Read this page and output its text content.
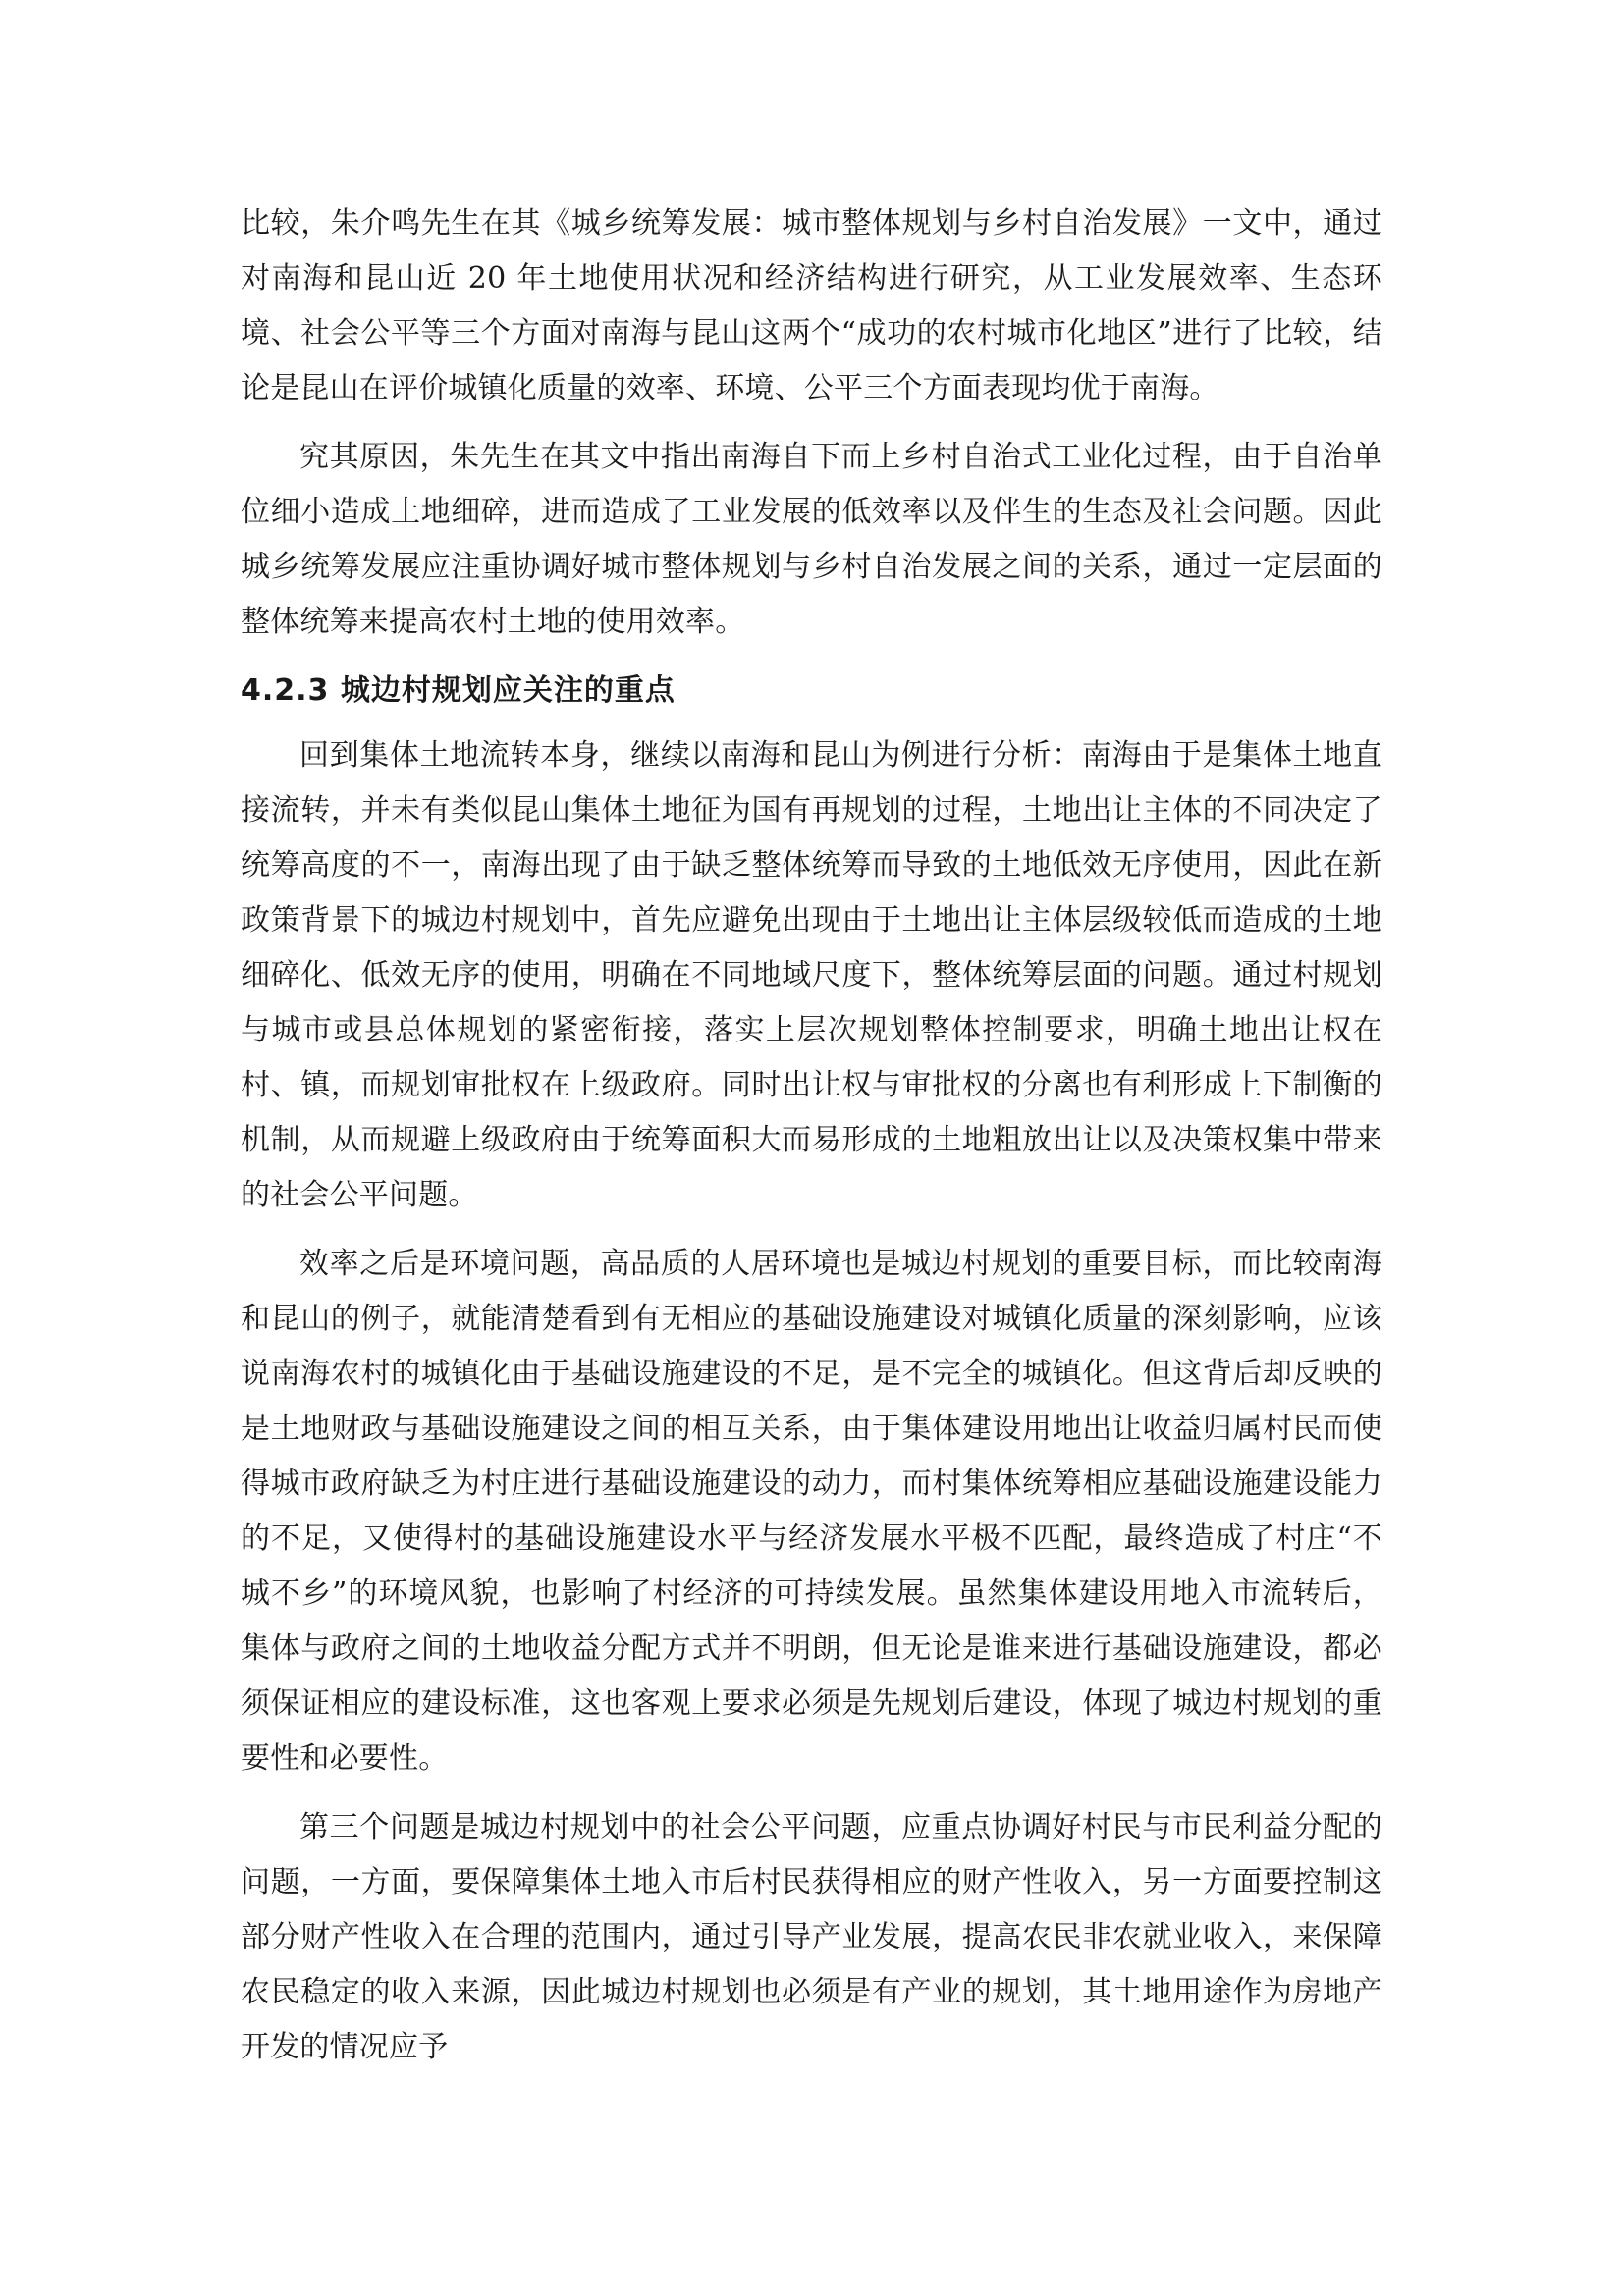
比较，朱介鸣先生在其《城乡统筹发展：城市整体规划与乡村自治发展》一文中，通过对南海和昆山近 20 年土地使用状况和经济结构进行研究，从工业发展效率、生态环境、社会公平等三个方面对南海与昆山这两个“成功的农村城市化地区”进行了比较，结论是昆山在评价城镇化质量的效率、环境、公平三个方面表现均优于南海。

究其原因，朱先生在其文中指出南海自下而上乡村自治式工业化过程，由于自治单位细小造成土地细碎，进而造成了工业发展的低效率以及伴生的生态及社会问题。因此城乡统筹发展应注重协调好城市整体规划与乡村自治发展之间的关系，通过一定层面的整体统筹来提高农村土地的使用效率。

4.2.3 城边村规划应关注的重点

回到集体土地流转本身，继续以南海和昆山为例进行分析：南海由于是集体土地直接流转，并未有类似昆山集体土地征为国有再规划的过程，土地出让主体的不同决定了统筹高度的不一，南海出现了由于缺乏整体统筹而导致的土地低效无序使用，因此在新政策背景下的城边村规划中，首先应避免出现由于土地出让主体层级较低而造成的土地细碎化、低效无序的使用，明确在不同地域尺度下，整体统筹层面的问题。通过村规划与城市或县总体规划的紧密衔接，落实上层次规划整体控制要求，明确土地出让权在村、镇，而规划审批权在上级政府。同时出让权与审批权的分离也有利形成上下制衡的机制，从而规避上级政府由于统筹面积大而易形成的土地粗放出让以及决策权集中带来的社会公平问题。

效率之后是环境问题，高品质的人居环境也是城边村规划的重要目标，而比较南海和昆山的例子，就能清楚看到有无相应的基础设施建设对城镇化质量的深刻影响，应该说南海农村的城镇化由于基础设施建设的不足，是不完全的城镇化。但这背后却反映的是土地财政与基础设施建设之间的相互关系，由于集体建设用地出让收益归属村民而使得城市政府缺乏为村庄进行基础设施建设的动力，而村集体统筹相应基础设施建设能力的不足，又使得村的基础设施建设水平与经济发展水平极不匹配，最终造成了村庄“不城不乡”的环境风貌，也影响了村经济的可持续发展。虽然集体建设用地入市流转后，集体与政府之间的土地收益分配方式并不明朗，但无论是谁来进行基础设施建设，都必须保证相应的建设标准，这也客观上要求必须是先规划后建设，体现了城边村规划的重要性和必要性。

第三个问题是城边村规划中的社会公平问题，应重点协调好村民与市民利益分配的问题，一方面，要保障集体土地入市后村民获得相应的财产性收入，另一方面要控制这部分财产性收入在合理的范围内，通过引导产业发展，提高农民非农就业收入，来保障农民稳定的收入来源，因此城边村规划也必须是有产业的规划，其土地用途作为房地产开发的情况应予
